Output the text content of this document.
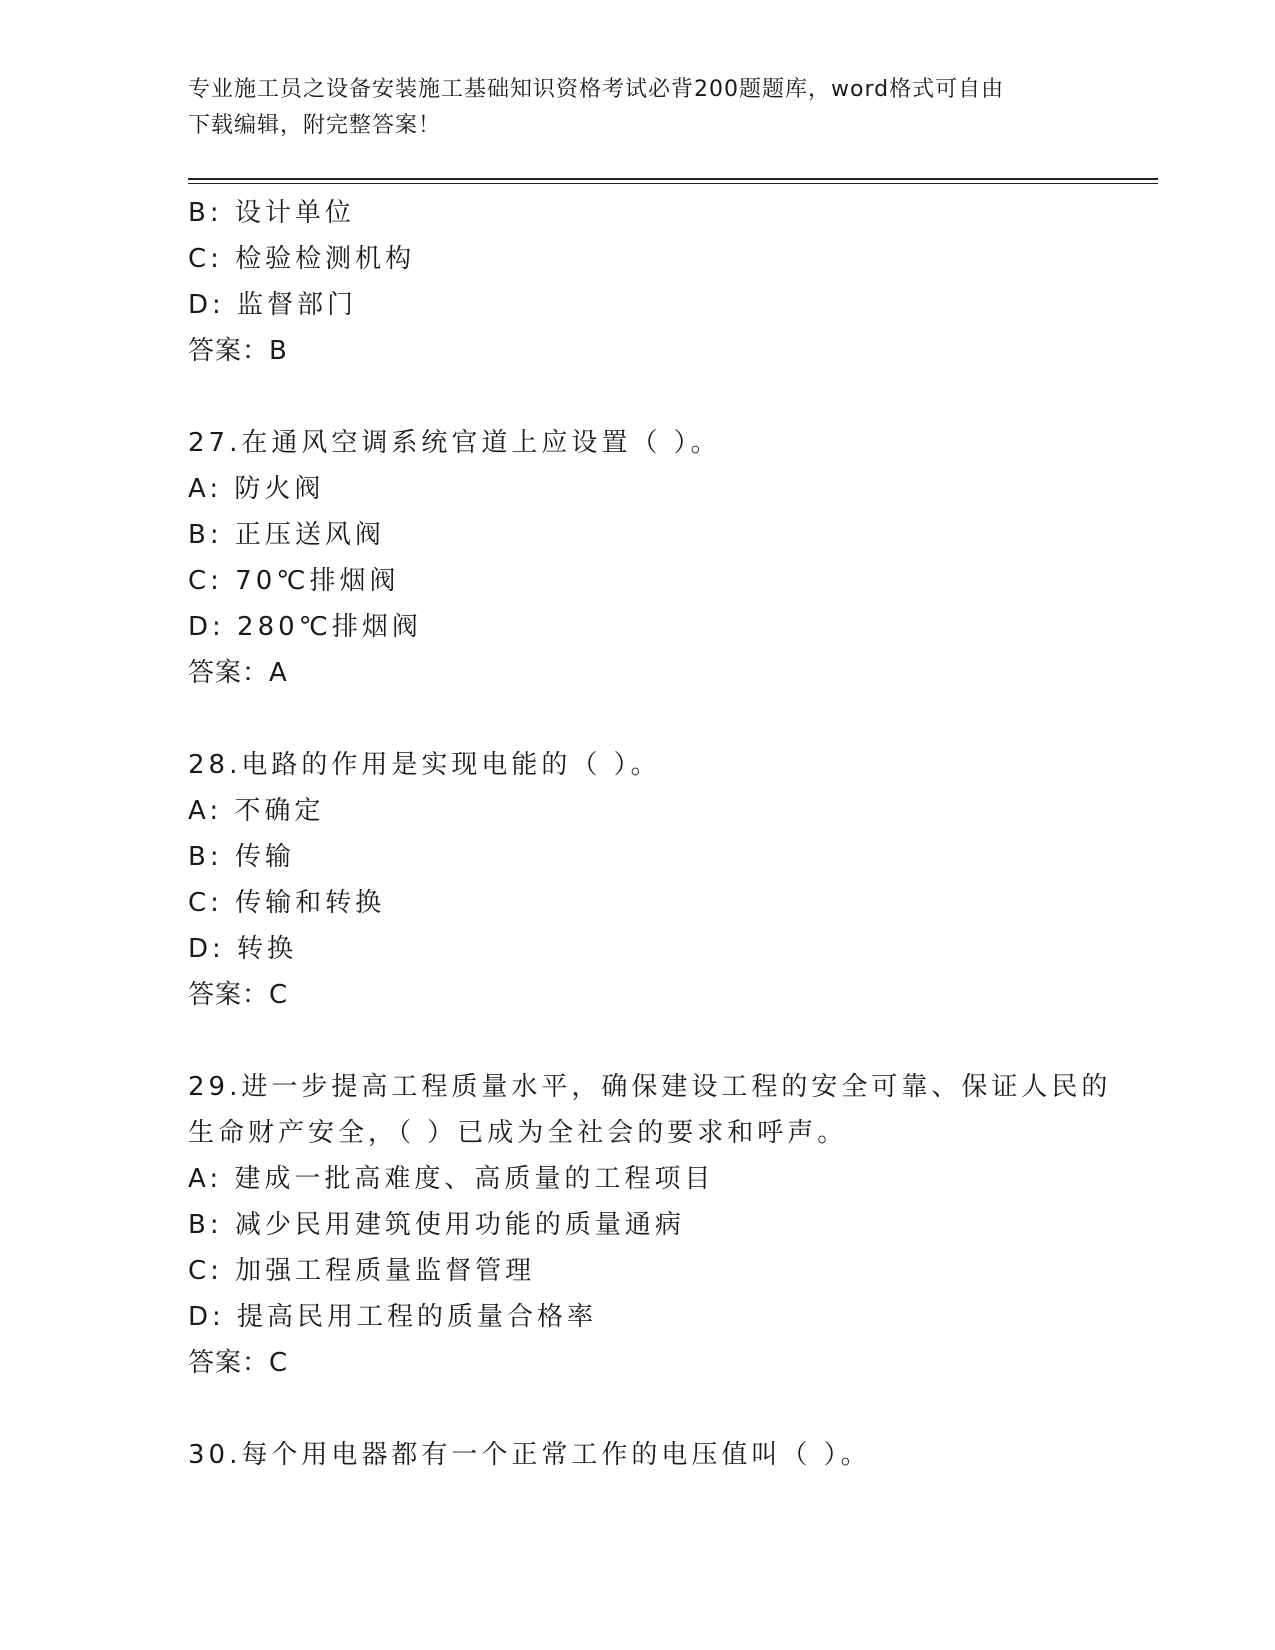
专业施工员之设备安装施工基础知识资格考试必背200题题库，word格式可自由
下载编辑，附完整答案！
B: 设计单位
C: 检验检测机构
D: 监督部门
答案：B
27.在通风空调系统官道上应设置（ ）。
A: 防火阀
B: 正压送风阀
C: 70℃排烟阀
D: 280℃排烟阀
答案：A
28.电路的作用是实现电能的（ ）。
A: 不确定
B: 传输
C: 传输和转换
D: 转换
答案：C
29.进一步提高工程质量水平，确保建设工程的安全可靠、保证人民的
生命财产安全，（ ）已成为全社会的要求和呼声。
A: 建成一批高难度、高质量的工程项目
B: 减少民用建筑使用功能的质量通病
C: 加强工程质量监督管理
D: 提高民用工程的质量合格率
答案：C
30.每个用电器都有一个正常工作的电压值叫（ ）。
